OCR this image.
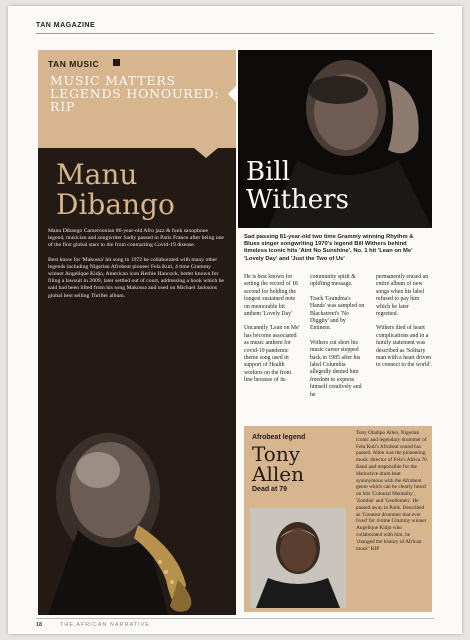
TAN MAGAZINE
TAN MUSIC
MUSIC MATTERS LEGENDS HONOURED: RIP
Manu
Dibango

Manu Dibango Cameroonian 86-year-old Afro jazz & funk saxophone legend, musician and songwriter Sadly passed in Paris France after being one of the first global stars to die from contracting Covid-19 disease.

Best know for 'Makossa' hit song in 1972 he collaborated with many other legends including Nigerian Afrobeat pioneer Fela Kuti, 4 time Grammy winner Angelique Kidjo, American icon Herbie Hancock, better known for filing a lawsuit in 2009, later settled out of court, addressing a hook which he said had been lifted from his song Makossa and used on Michael Jacksons global best selling Thriller album.

Bill
Withers
Sad passing 81-year-old two time Grammy winning Rhythm & Blues singer songwriting 1970's legend Bill Withers behind timeless iconic hits 'Aint No Sunshine', No. 1 hit 'Lean on Me' 'Lovely Day' and 'Just the Two of Us'

He is best known for setting the record of 18 second for holding the longest sustained note on memorable hit anthem 'Lovely Day'

Uncannily 'Lean on Me' has become associated as music anthem for covid-19 pandemic theme song used in support of Health workers on the front line because of its

community spirit & uplifting message.

Track 'Grandma's Hands' was sampled on Blackstreet's 'No Diggity' and by Eminem.

Withers cut short his music career stepped back in 1985 after his label Columbia allegedly denied him freedom to express himself creatively and he

permanently erased an entire album of new songs when his label refused to pay him which he later regretted.

Withers died of heart complications and in a family statement was described as 'Solitary man with a heart driven to connect to the world'.

Afrobeat legend
Tony
Allen
Dead at 79
Tony Oladipo Allen, Nigerian iconic and legendary drummer of Fela Kuti's Afrobeat sound has passed. Allen was the pioneering music director of Fela's Africa 70 Band and responsible for the distinctive drum beat synonymous with the Afrobeat genre which can be clearly heard on hits 'Colonial Mentality', 'Zombie' and 'Gentlemen'. He passed away in Paris. Described as 'Greatest drummer that ever lived' for 4-time Grammy winner Angelique Kidjo who collaborated with him, he 'changed the history of African music' RIP
18	THE AFRICAN NARRATIVE
